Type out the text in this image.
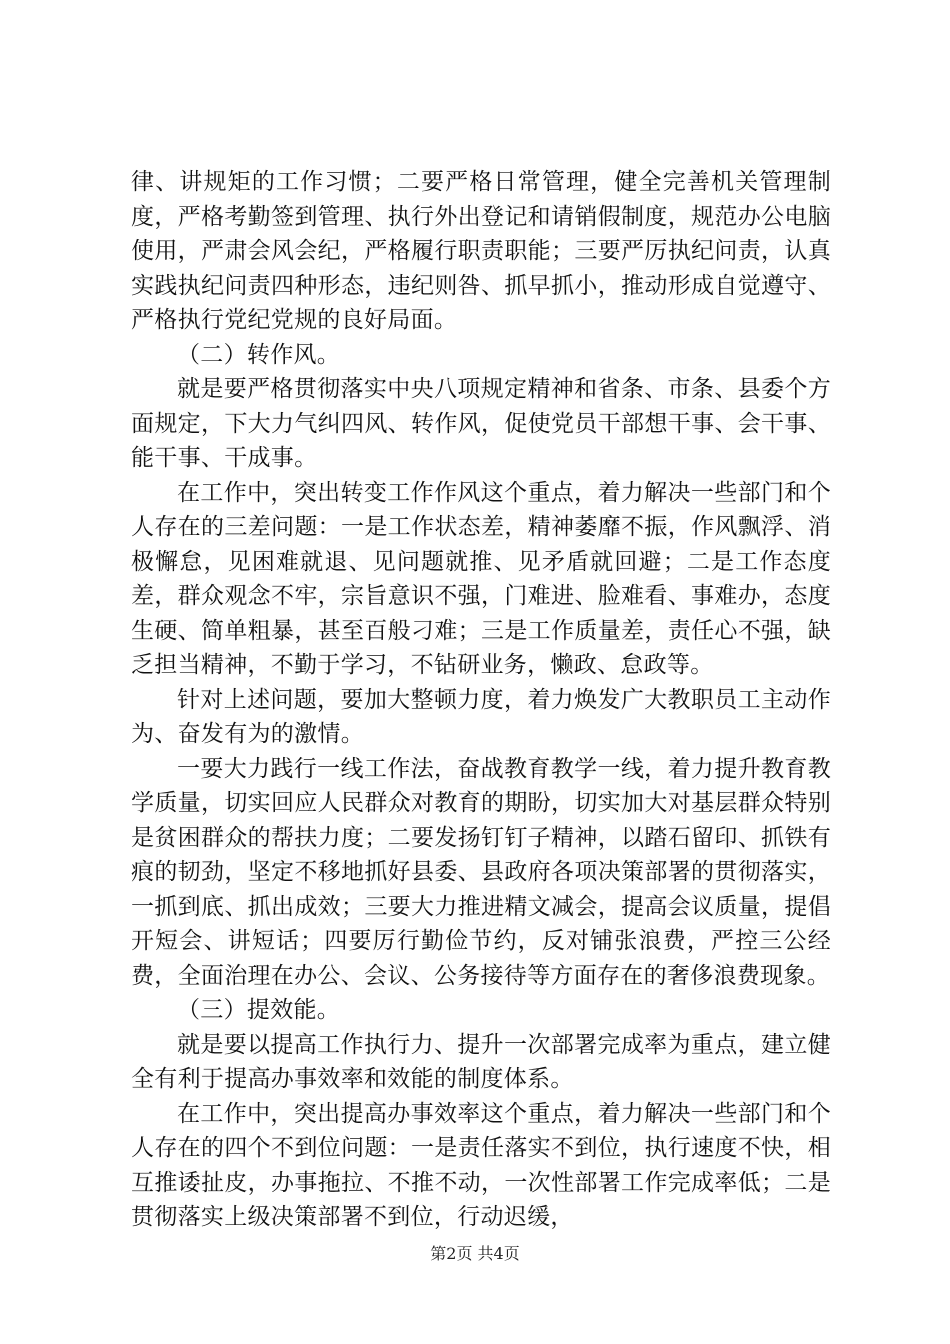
律、讲规矩的工作习惯；二要严格日常管理，健全完善机关管理制度，严格考勤签到管理、执行外出登记和请销假制度，规范办公电脑使用，严肃会风会纪，严格履行职责职能；三要严厉执纪问责，认真实践执纪问责四种形态，违纪则咎、抓早抓小，推动形成自觉遵守、严格执行党纪党规的良好局面。

（二）转作风。

就是要严格贯彻落实中央八项规定精神和省条、市条、县委个方面规定，下大力气纠四风、转作风，促使党员干部想干事、会干事、能干事、干成事。

在工作中，突出转变工作作风这个重点，着力解决一些部门和个人存在的三差问题：一是工作状态差，精神萎靡不振，作风飘浮、消极懈怠，见困难就退、见问题就推、见矛盾就回避；二是工作态度差，群众观念不牢，宗旨意识不强，门难进、脸难看、事难办，态度生硬、简单粗暴，甚至百般刁难；三是工作质量差，责任心不强，缺乏担当精神，不勤于学习，不钻研业务，懒政、怠政等。

针对上述问题，要加大整顿力度，着力焕发广大教职员工主动作为、奋发有为的激情。

一要大力践行一线工作法，奋战教育教学一线，着力提升教育教学质量，切实回应人民群众对教育的期盼，切实加大对基层群众特别是贫困群众的帮扶力度；二要发扬钉钉子精神，以踏石留印、抓铁有痕的韧劲，坚定不移地抓好县委、县政府各项决策部署的贯彻落实，一抓到底、抓出成效；三要大力推进精文减会，提高会议质量，提倡开短会、讲短话；四要厉行勤俭节约，反对铺张浪费，严控三公经费，全面治理在办公、会议、公务接待等方面存在的奢侈浪费现象。

（三）提效能。

就是要以提高工作执行力、提升一次部署完成率为重点，建立健全有利于提高办事效率和效能的制度体系。

在工作中，突出提高办事效率这个重点，着力解决一些部门和个人存在的四个不到位问题：一是责任落实不到位，执行速度不快，相互推诿扯皮，办事拖拉、不推不动，一次性部署工作完成率低；二是贯彻落实上级决策部署不到位，行动迟缓，

第2页 共4页
